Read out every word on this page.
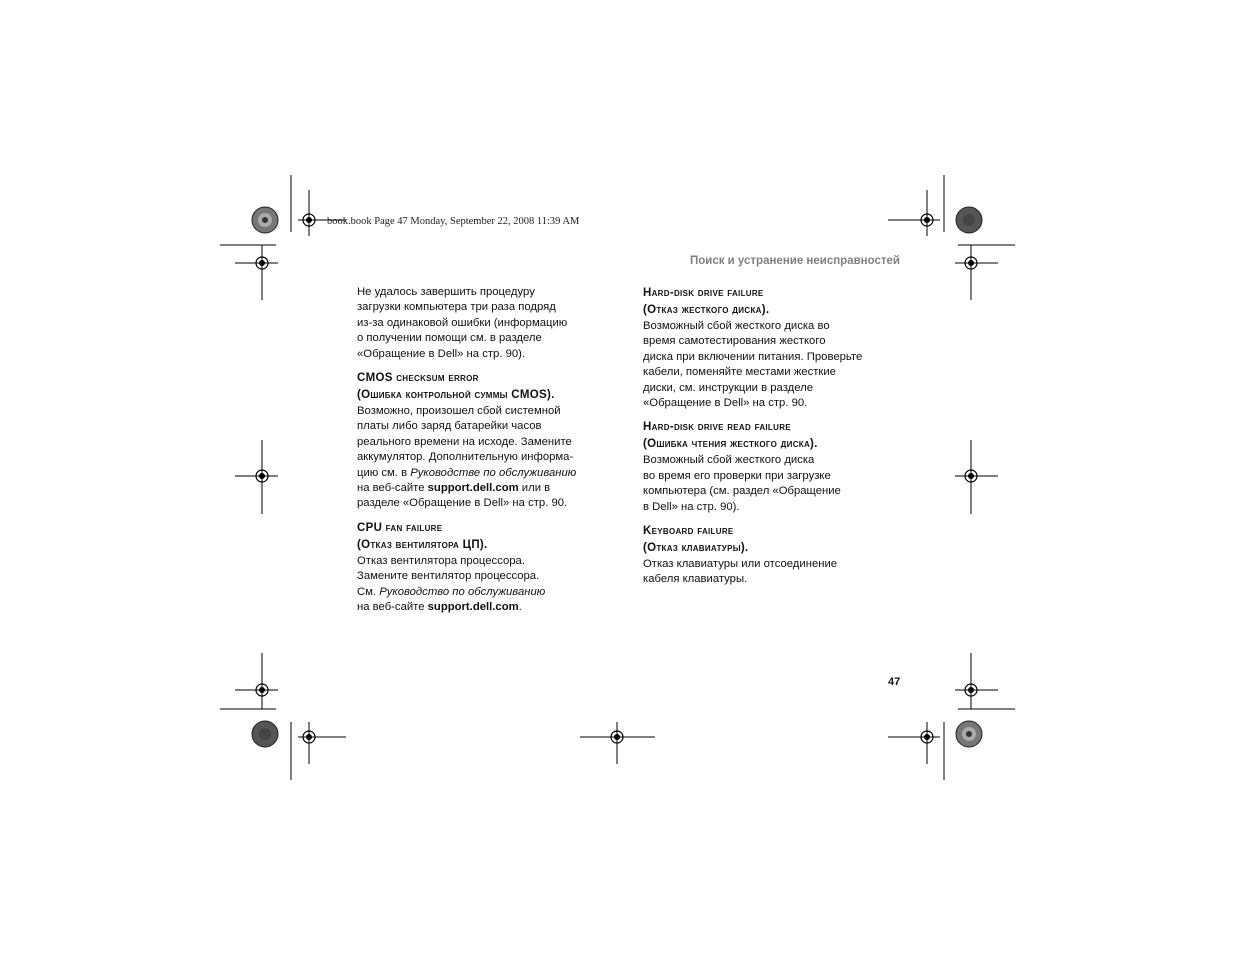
book.book Page 47 Monday, September 22, 2008 11:39 AM
Поиск и устранение неисправностей

Не удалось завершить процедуру
загрузки компьютера три раза подряд
из-за одинаковой ошибки (информацию
о получении помощи см. в разделе
«Обращение в Dell» на стр. 90).

CMOS checksum error
(Ошибка контрольной суммы CMOS).

Возможно, произошел сбой системной
платы либо заряд батарейки часов
реального времени на исходе. Замените
аккумулятор. Дополнительную информа-
цию см. в Руководстве по обслуживанию
на веб-сайте support.dell.com или в
разделе «Обращение в Dell» на стр. 90.

CPU fan failure
(Отказ вентилятора ЦП).

Отказ вентилятора процессора.
Замените вентилятор процессора.
См. Руководство по обслуживанию
на веб-сайте support.dell.com.

Hard-disk drive failure
(Отказ жесткого диска).

Возможный сбой жесткого диска во
время самотестирования жесткого
диска при включении питания. Проверьте
кабели, поменяйте местами жесткие
диски, см. инструкции в разделе
«Обращение в Dell» на стр. 90.

Hard-disk drive read failure
(Ошибка чтения жесткого диска).

Возможный сбой жесткого диска
во время его проверки при загрузке
компьютера (см. раздел «Обращение
в Dell» на стр. 90).

Keyboard failure
(Отказ клавиатуры).

Отказ клавиатуры или отсоединение
кабеля клавиатуры.

47
